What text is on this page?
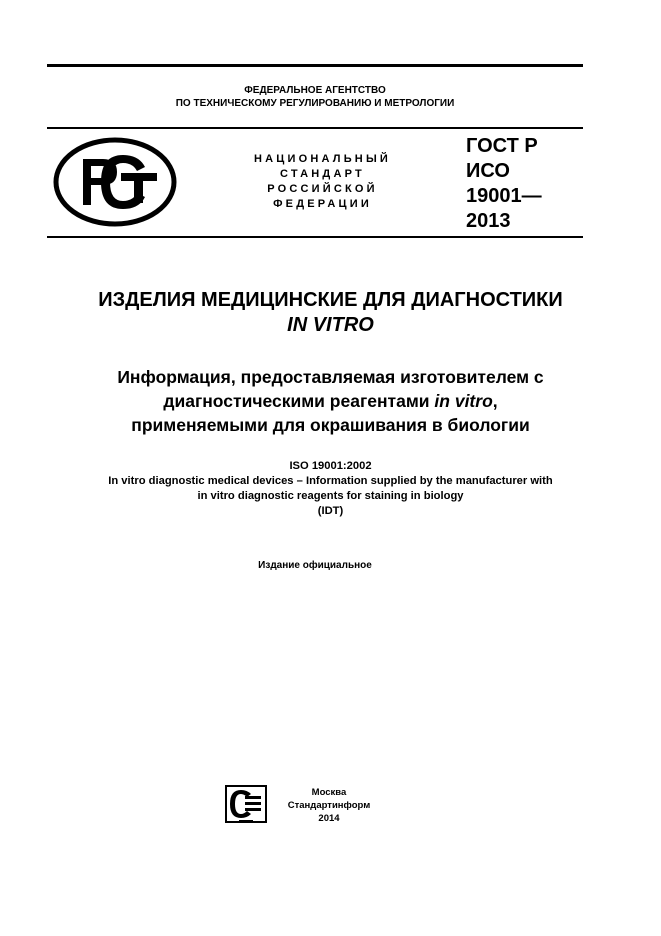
ФЕДЕРАЛЬНОЕ АГЕНТСТВО
ПО ТЕХНИЧЕСКОМУ РЕГУЛИРОВАНИЮ И МЕТРОЛОГИИ
НАЦИОНАЛЬНЫЙ
СТАНДАРТ
РОССИЙСКОЙ
ФЕДЕРАЦИИ
ГОСТ Р
ИСО
19001—
2013
ИЗДЕЛИЯ МЕДИЦИНСКИЕ ДЛЯ ДИАГНОСТИКИ
IN VITRO
Информация, предоставляемая изготовителем с
диагностическими реагентами in vitro,
применяемыми для окрашивания в биологии
ISO 19001:2002
In vitro diagnostic medical devices – Information supplied by the manufacturer with
in vitro diagnostic reagents for staining in biology
(IDT)
Издание официальное
Москва
Стандартинформ
2014
